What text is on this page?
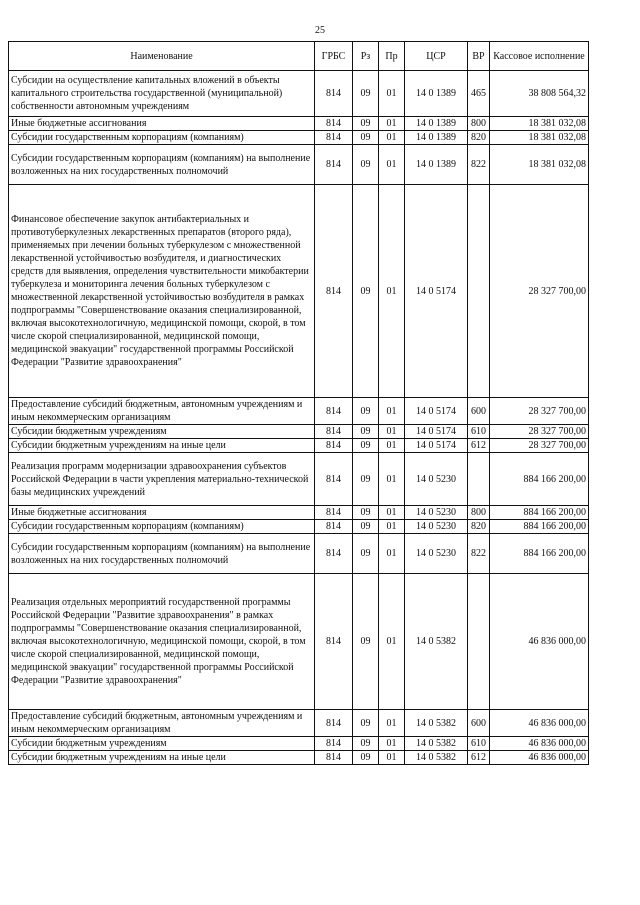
25
Наименование	ГРБС	Рз	Пр	ЦСР	ВР	Кассовое исполнение
Субсидии на осуществление капитальных вложений в объекты капитального строительства государственной (муниципальной) собственности автономным учреждениям	814	09	01	14 0 1389	465	38 808 564,32
Иные бюджетные ассигнования	814	09	01	14 0 1389	800	18 381 032,08
Субсидии государственным корпорациям (компаниям)	814	09	01	14 0 1389	820	18 381 032,08
Субсидии государственным корпорациям (компаниям) на выполнение возложенных на них государственных полномочий	814	09	01	14 0 1389	822	18 381 032,08
Финансовое обеспечение закупок антибактериальных и противотуберкулезных лекарственных препаратов (второго ряда), применяемых при лечении больных туберкулезом с множественной лекарственной устойчивостью возбудителя, и диагностических средств для выявления, определения чувствительности микобактерии туберкулеза и мониторинга лечения больных туберкулезом с множественной лекарственной устойчивостью возбудителя в рамках подпрограммы "Совершенствование оказания специализированной, включая высокотехнологичную, медицинской помощи, скорой, в том числе скорой специализированной, медицинской помощи, медицинской эвакуации" государственной программы Российской Федерации "Развитие здравоохранения"	814	09	01	14 0 5174		28 327 700,00
Предоставление субсидий бюджетным, автономным учреждениям и иным некоммерческим организациям	814	09	01	14 0 5174	600	28 327 700,00
Субсидии бюджетным учреждениям	814	09	01	14 0 5174	610	28 327 700,00
Субсидии бюджетным учреждениям на иные цели	814	09	01	14 0 5174	612	28 327 700,00
Реализация программ модернизации здравоохранения субъектов Российской Федерации в части укрепления материально-технической базы медицинских учреждений	814	09	01	14 0 5230		884 166 200,00
Иные бюджетные ассигнования	814	09	01	14 0 5230	800	884 166 200,00
Субсидии государственным корпорациям (компаниям)	814	09	01	14 0 5230	820	884 166 200,00
Субсидии государственным корпорациям (компаниям) на выполнение возложенных на них государственных полномочий	814	09	01	14 0 5230	822	884 166 200,00
Реализация отдельных мероприятий государственной программы Российской Федерации "Развитие здравоохранения" в рамках подпрограммы "Совершенствование оказания специализированной, включая высокотехнологичную, медицинской помощи, скорой, в том числе скорой специализированной, медицинской помощи, медицинской эвакуации" государственной программы Российской Федерации "Развитие здравоохранения"	814	09	01	14 0 5382		46 836 000,00
Предоставление субсидий бюджетным, автономным учреждениям и иным некоммерческим организациям	814	09	01	14 0 5382	600	46 836 000,00
Субсидии бюджетным учреждениям	814	09	01	14 0 5382	610	46 836 000,00
Субсидии бюджетным учреждениям на иные цели	814	09	01	14 0 5382	612	46 836 000,00
